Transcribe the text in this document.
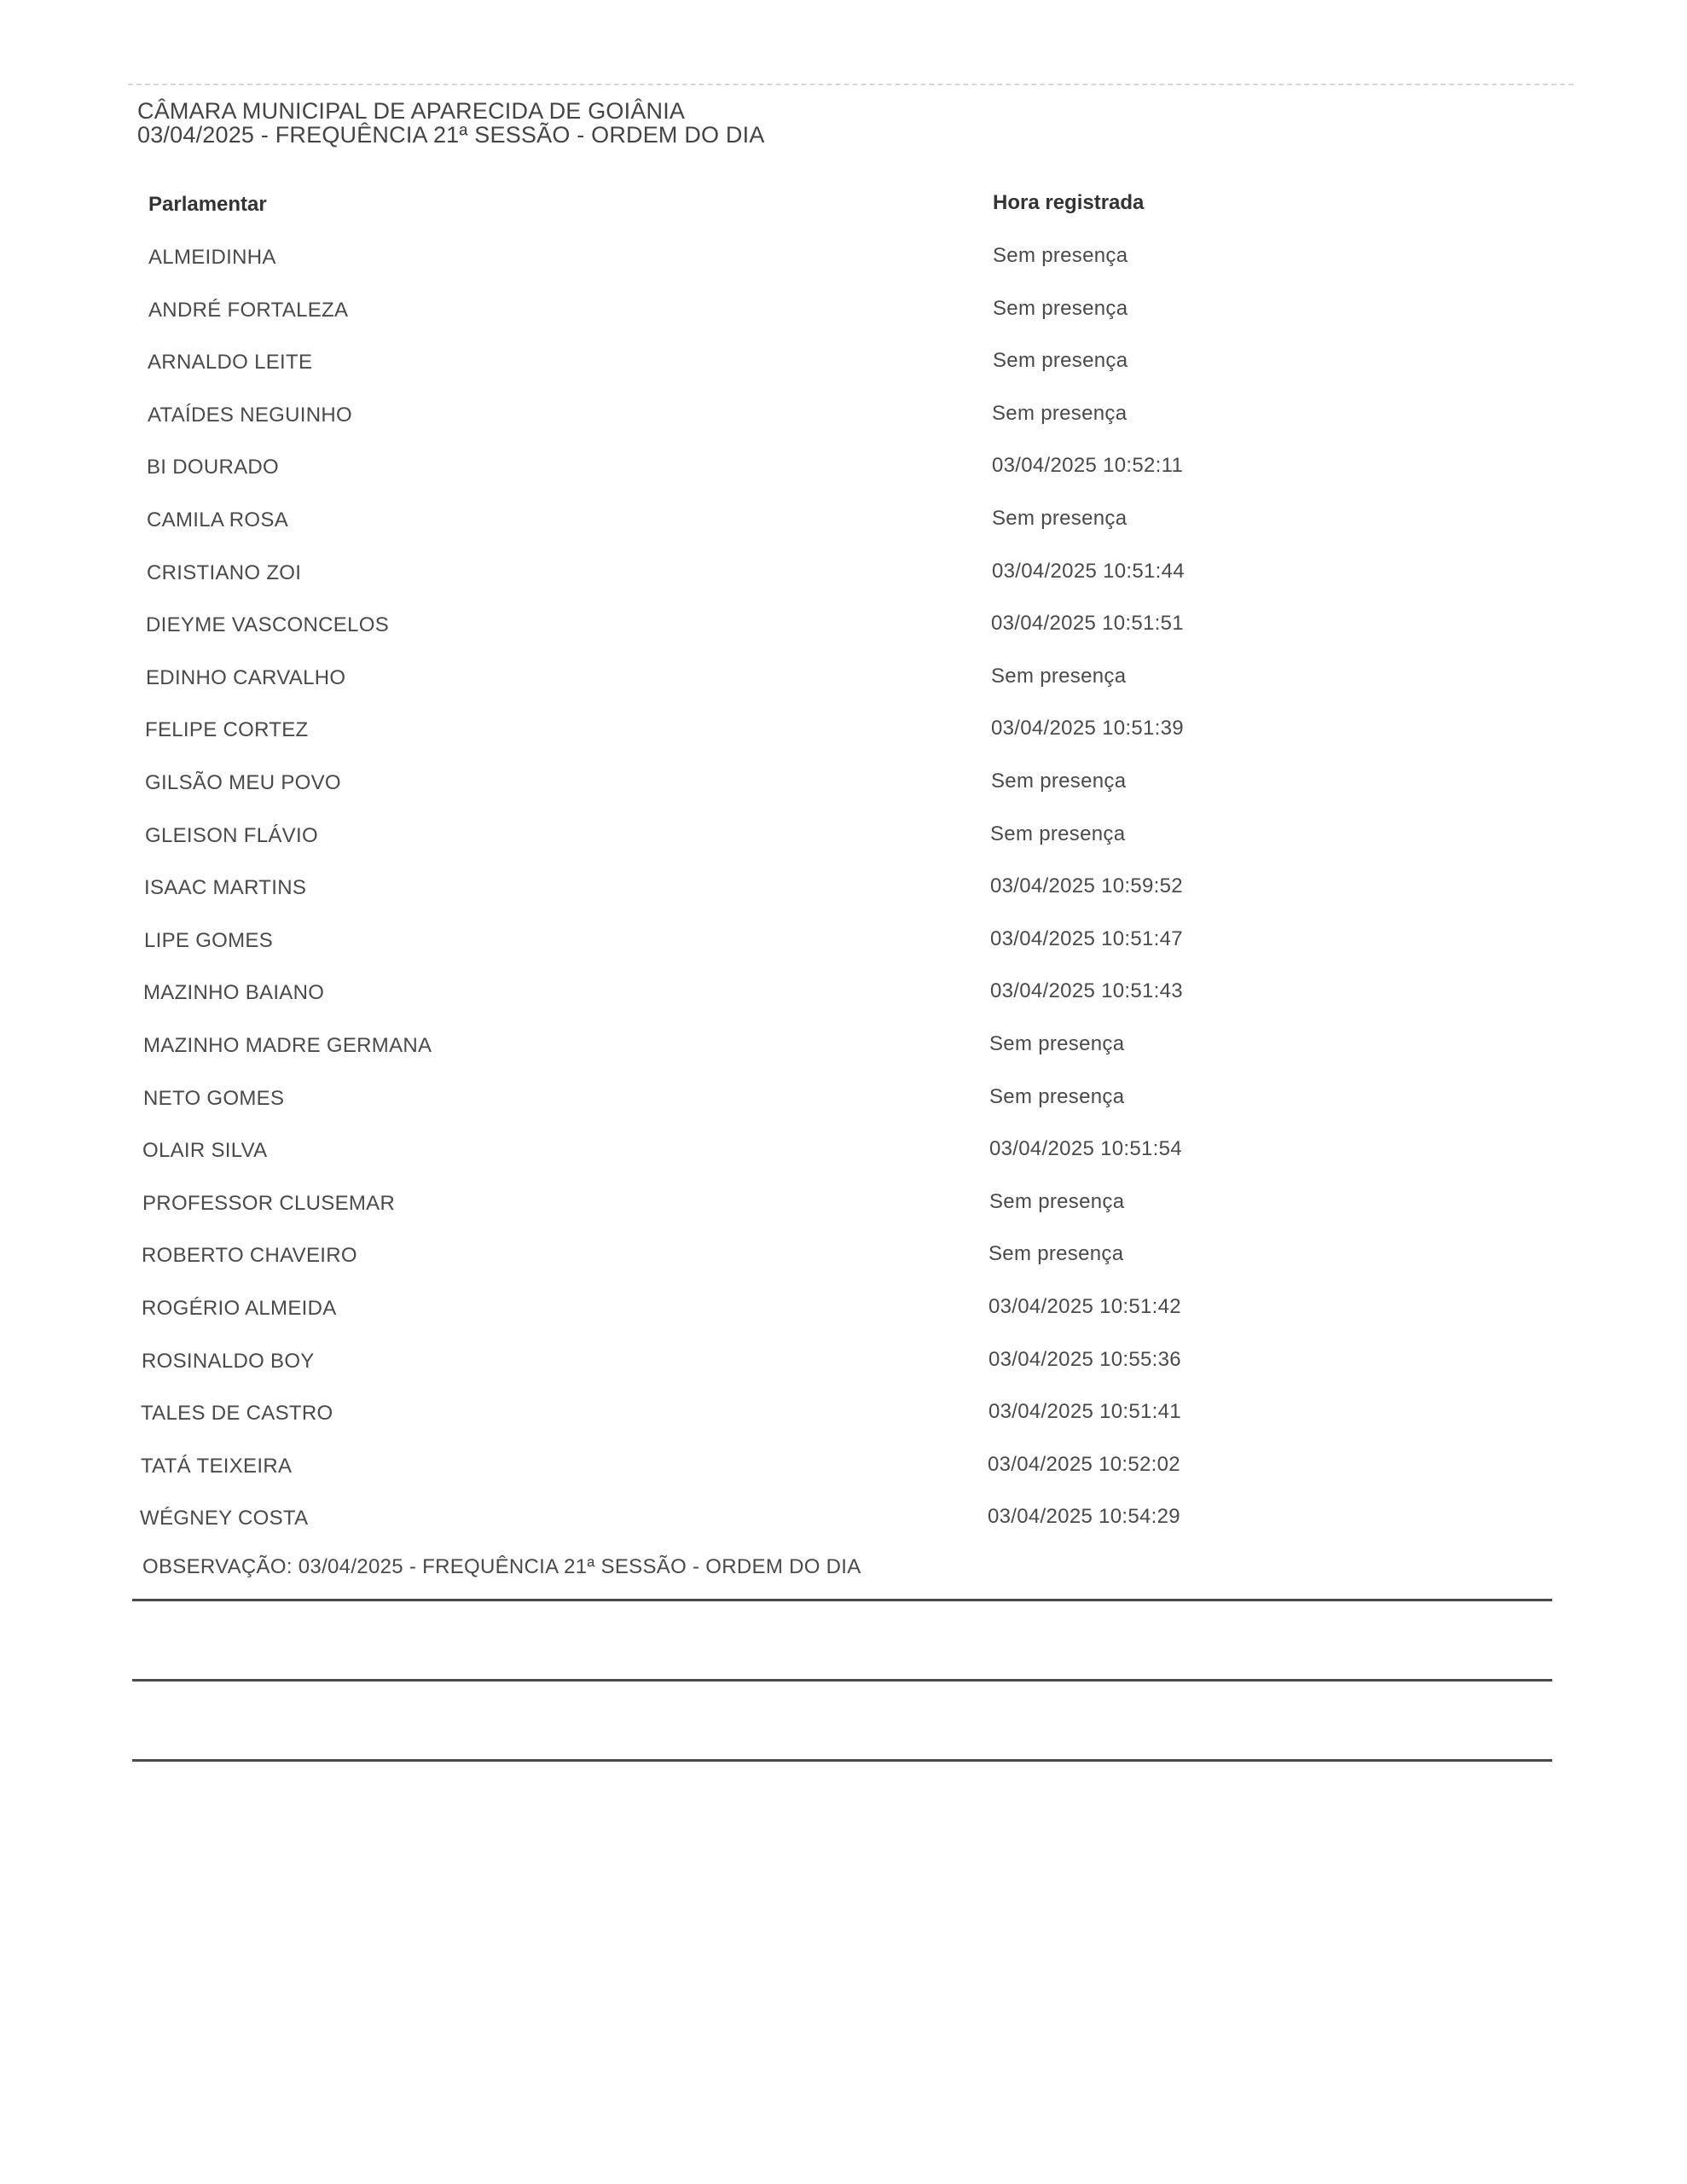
CÂMARA MUNICIPAL DE APARECIDA DE GOIÂNIA
03/04/2025 - FREQUÊNCIA 21ª SESSÃO - ORDEM DO DIA
Parlamentar	Hora registrada
ALMEIDINHA	Sem presença
ANDRÉ FORTALEZA	Sem presença
ARNALDO LEITE	Sem presença
ATAÍDES NEGUINHO	Sem presença
BI DOURADO	03/04/2025 10:52:11
CAMILA ROSA	Sem presença
CRISTIANO ZOI	03/04/2025 10:51:44
DIEYME VASCONCELOS	03/04/2025 10:51:51
EDINHO CARVALHO	Sem presença
FELIPE CORTEZ	03/04/2025 10:51:39
GILSÃO MEU POVO	Sem presença
GLEISON FLÁVIO	Sem presença
ISAAC MARTINS	03/04/2025 10:59:52
LIPE GOMES	03/04/2025 10:51:47
MAZINHO BAIANO	03/04/2025 10:51:43
MAZINHO MADRE GERMANA	Sem presença
NETO GOMES	Sem presença
OLAIR SILVA	03/04/2025 10:51:54
PROFESSOR CLUSEMAR	Sem presença
ROBERTO CHAVEIRO	Sem presença
ROGÉRIO ALMEIDA	03/04/2025 10:51:42
ROSINALDO BOY	03/04/2025 10:55:36
TALES DE CASTRO	03/04/2025 10:51:41
TATÁ TEIXEIRA	03/04/2025 10:52:02
WÉGNEY COSTA	03/04/2025 10:54:29
OBSERVAÇÃO: 03/04/2025 - FREQUÊNCIA 21ª SESSÃO - ORDEM DO DIA
